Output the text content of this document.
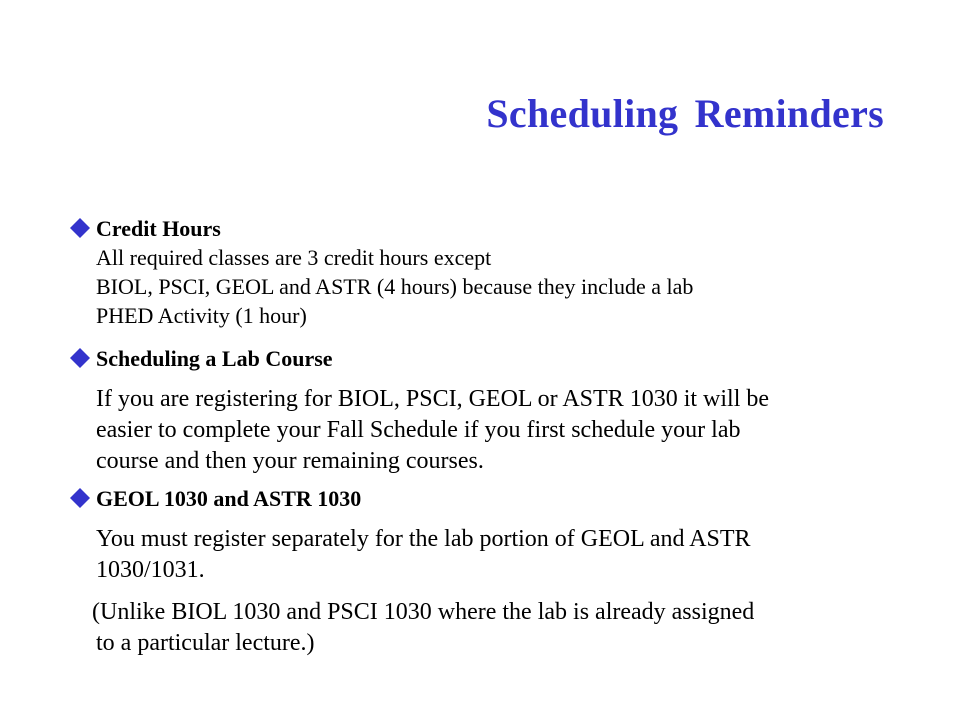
Scheduling Reminders
Credit Hours
All required classes are 3 credit hours except
BIOL, PSCI, GEOL and ASTR (4 hours) because they include a lab
PHED Activity (1 hour)
Scheduling a Lab Course
If you are registering for BIOL, PSCI, GEOL or ASTR 1030 it will be
easier to complete your Fall Schedule if you first schedule your lab
course and then your remaining courses.
GEOL 1030 and ASTR 1030
You must register separately for the lab portion of GEOL and ASTR
1030/1031.
(Unlike BIOL 1030 and PSCI 1030 where the lab is already assigned
to a particular lecture.)
